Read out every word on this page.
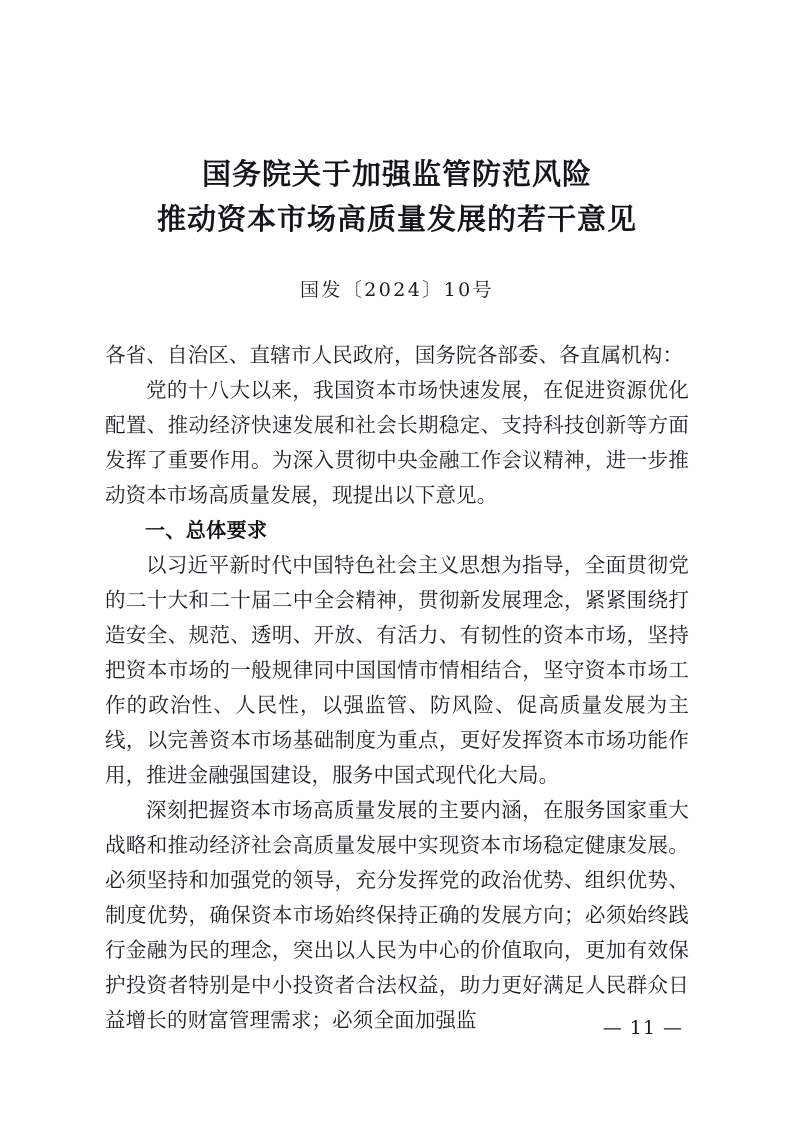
国务院关于加强监管防范风险
推动资本市场高质量发展的若干意见
国发〔2024〕10号

各省、自治区、直辖市人民政府，国务院各部委、各直属机构：

党的十八大以来，我国资本市场快速发展，在促进资源优化配置、推动经济快速发展和社会长期稳定、支持科技创新等方面发挥了重要作用。为深入贯彻中央金融工作会议精神，进一步推动资本市场高质量发展，现提出以下意见。

一、总体要求

以习近平新时代中国特色社会主义思想为指导，全面贯彻党的二十大和二十届二中全会精神，贯彻新发展理念，紧紧围绕打造安全、规范、透明、开放、有活力、有韧性的资本市场，坚持把资本市场的一般规律同中国国情市情相结合，坚守资本市场工作的政治性、人民性，以强监管、防风险、促高质量发展为主线，以完善资本市场基础制度为重点，更好发挥资本市场功能作用，推进金融强国建设，服务中国式现代化大局。

深刻把握资本市场高质量发展的主要内涵，在服务国家重大战略和推动经济社会高质量发展中实现资本市场稳定健康发展。必须坚持和加强党的领导，充分发挥党的政治优势、组织优势、制度优势，确保资本市场始终保持正确的发展方向；必须始终践行金融为民的理念，突出以人民为中心的价值取向，更加有效保护投资者特别是中小投资者合法权益，助力更好满足人民群众日益增长的财富管理需求；必须全面加强监	— 11 —
